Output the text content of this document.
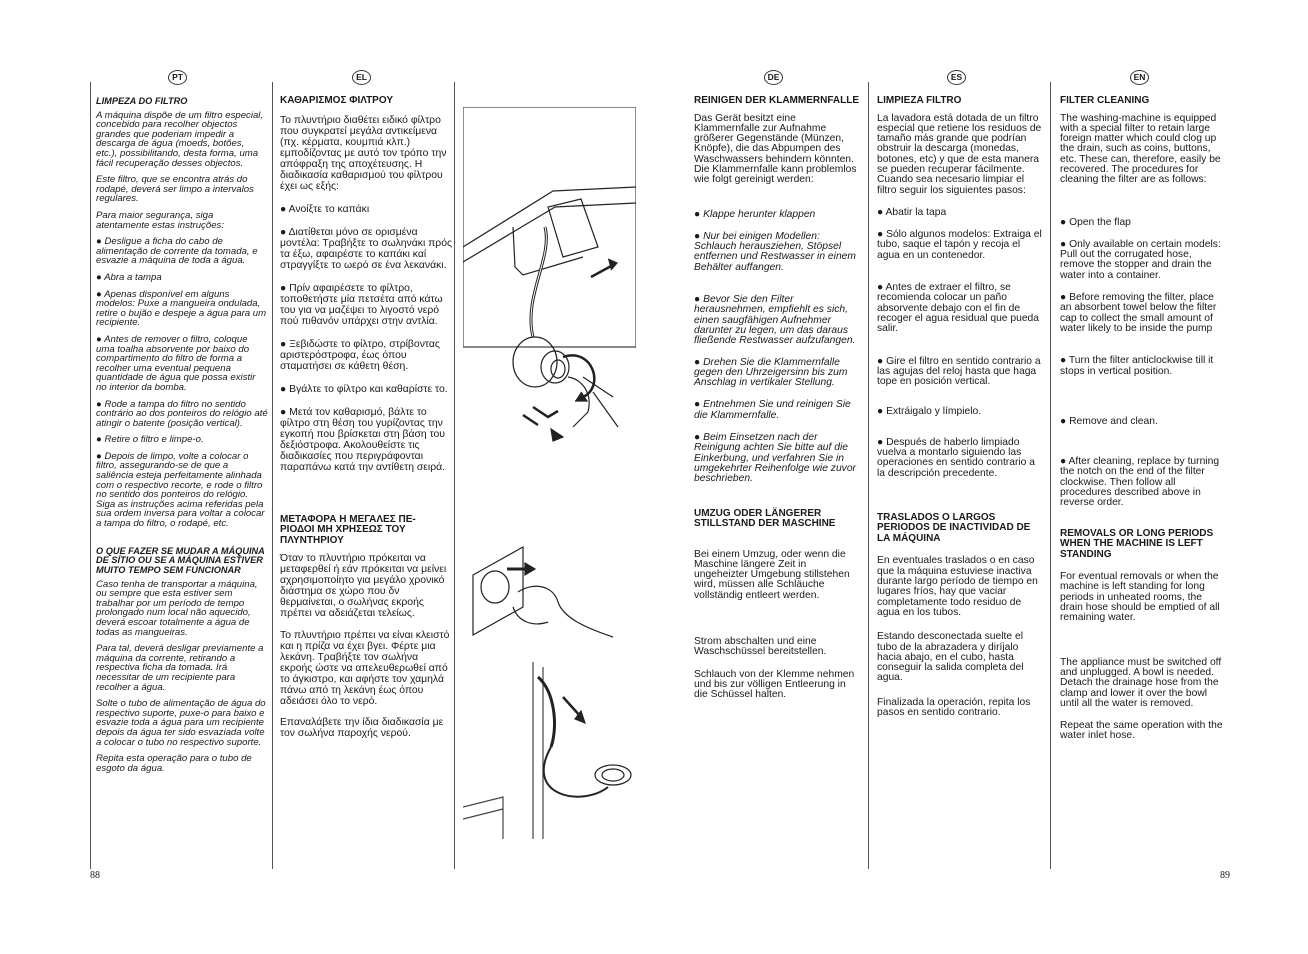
PT	EL	DE	ES	EN

LIMPEZA DO FILTRO

A máquina dispõe de um filtro especial, concebido para recolher objectos grandes que poderiam impedir a descarga de água (moeds, botões, etc.), possibilitando, desta forma, uma fácil recuperação desses objectos.

Este filtro, que se encontra atrás do rodapé, deverá ser limpo a intervalos regulares.

Para maior segurança, siga atentamente estas instruções:

● Desligue a ficha do cabo de alimentação de corrente da tomada, e esvazie a máquina de toda a água.

● Abra a tampa

● Apenas disponível em alguns modelos: Puxe a mangueira ondulada, retire o bujão e despeje a água para um recipiente.

● Antes de remover o filtro, coloque uma toalha absorvente por baixo do compartimento do filtro de forma a recolher uma eventual pequena quantidade de água que possa existir no interior da bomba.

● Rode a tampa do filtro no sentido contrário ao dos ponteiros do relógio até atingir o batente (posição vertical).

● Retire o filtro e limpe-o.

● Depois de limpo, volte a colocar o filtro, assegurando-se de que a saliência esteja perfeitamente alinhada com o respectivo recorte, e rode o filtro no sentido dos ponteiros do relógio. Siga as instruções acima referidas pela sua ordem inversa para voltar a colocar a tampa do filtro, o rodapé, etc.

O QUE FAZER SE MUDAR A MÁQUINA DE SÍTIO OU SE A MÁQUINA ESTIVER MUITO TEMPO SEM FUNCIONAR

Caso tenha de transportar a máquina, ou sempre que esta estiver sem trabalhar por um período de tempo prolongado num local não aquecido, deverá escoar totalmente a água de todas as mangueiras.

Para tal, deverá desligar previamente a máquina da corrente, retirando a respectiva ficha da tomada. Irá necessitar de um recipiente para recolher a água.

Solte o tubo de alimentação de água do respectivo suporte, puxe-o para baixo e esvazie toda a água para um recipiente depois da água ter sido esvaziada volte a colocar o tubo no respectivo suporte.

Repita esta operação para o tubo de esgoto da água.

ΚΑΘΑΡΙΣΜΟΣ ΦΙΛΤΡΟΥ

Το πλυντήριο διαθέτει ειδικό φίλτρο που συγκρατεί μεγάλα αντικείμενα (πχ. κέρματα, κουμπιά κλπ.) εμποδίζοντας με αυτό τον τρόπο την απόφραξη της αποχέτευσης. Η διαδικασία καθαρισμού του φίλτρου έχει ως εξής:

● Ανοίξτε το καπάκι

● Διατίθεται μόνο σε ορισμένα μοντέλα: Τραβήξτε το σωληνάκι πρός τα έξω, αφαιρέστε το καπάκι καί στραγγίξτε το ωερό σε ένα λεκανάκι.

● Πρίν αφαιρέσετε το φίλτρο, τοποθετήστε μία πετσέτα από κάτω του για να μαζέψει το λιγοστό νερό πού πιθανόν υπάρχει στην αντλία.

● Ξεβιδώστε το φίλτρο, στρίβοντας αριστερόστροφα, έως όπου σταματήσει σε κάθετη θέση.

● Βγάλτε το φίλτρο και καθαρίστε το.

● Μετά τον καθαρισμό, βάλτε το φίλτρο στη θέση του γυρίζοντας την εγκοπή που βρίσκεται στη βάση του δεξιόστροφα. Ακολουθείστε τις διαδικασίες που περιγράφονται παραπάνω κατά την αντίθετη σειρά.

ΜΕΤΑΦΟΡΑ Η ΜΕΓΑΛΕΣ ΠΕ- ΡΙΟΔΟΙ ΜΗ ΧΡΗΣΕΩΣ ΤΟΥ ΠΛΥΝΤΗΡΙΟΥ

Όταν το πλυντήριο πρόκειται να μεταφερθεί ή εάν πρόκειται να μείνει αχρησιμοποίητο για μεγάλο χρονικό διάστημα σε χώρο που δν θερμαίνεται, ο σωλήνας εκροής πρέπει να αδειάζεται τελείως.

Το πλυντήριο πρέπει να είναι κλειστό και η πρίζα να έχει βγει. Φέρτε μια λεκάνη. Τραβήξτε τον σωλήνα εκροής ώστε να απελευθερωθεί από το άγκιστρο, και αφήστε τον χαμηλά πάνω από τη λεκάνη έως όπου αδειάσει όλο το νερό.

Επαναλάβετε την ίδια διαδικασία με τον σωλήνα παροχής νερού.

REINIGEN DER KLAMMERNFALLE

Das Gerät besitzt eine Klammernfalle zur Aufnahme größerer Gegenstände (Münzen, Knöpfe), die das Abpumpen des Waschwassers behindern könnten. Die Klammernfalle kann problemlos wie folgt gereinigt werden:

● Klappe herunter klappen

● Nur bei einigen Modellen: Schlauch herausziehen, Stöpsel entfernen und Restwasser in einem Behälter auffangen.

● Bevor Sie den Filter herausnehmen, empfiehlt es sich, einen saugfähigen Aufnehmer darunter zu legen, um das daraus fließende Restwasser aufzufangen.

● Drehen Sie die Klammernfalle gegen den Uhrzeigersinn bis zum Anschlag in vertikaler Stellung.

● Entnehmen Sie und reinigen Sie die Klammernfalle.

● Beim Einsetzen nach der Reinigung achten Sie bitte auf die Einkerbung, und verfahren Sie in umgekehrter Reihenfolge wie zuvor beschrieben.

UMZUG ODER LÄNGERER STILLSTAND DER MASCHINE

Bei einem Umzug, oder wenn die Maschine längere Zeit in ungeheizter Umgebung stillstehen wird, müssen alle Schläuche vollständig entleert werden.

Strom abschalten und eine Waschschüssel bereitstellen.

Schlauch von der Klemme nehmen und bis zur völligen Entleerung in die Schüssel halten.

LIMPIEZA FILTRO

La lavadora está dotada de un filtro especial que retiene los residuos de tamaño más grande que podrían obstruir la descarga (monedas, botones, etc) y que de esta manera se pueden recuperar fácilmente. Cuando sea necesario limpiar el filtro seguir los siguientes pasos:

● Abatir la tapa

● Sólo algunos modelos: Extraiga el tubo, saque el tapón y recoja el agua en un contenedor.

● Antes de extraer el filtro, se recomienda colocar un paño absorvente debajo con el fin de recoger el agua residual que pueda salir.

● Gire el filtro en sentido contrario a las agujas del reloj hasta que haga tope en posición vertical.

● Extráigalo y límpielo.

● Después de haberlo limpiado vuelva a montarlo siguiendo las operaciones en sentido contrario a la descripción precedente.

TRASLADOS O LARGOS PERIODOS DE INACTIVIDAD DE LA MÁQUINA

En eventuales traslados o en caso que la máquina estuviese inactiva durante largo período de tiempo en lugares fríos, hay que vaciar completamente todo residuo de agua en los tubos.

Estando desconectada suelte el tubo de la abrazadera y diríjalo hacia abajo, en el cubo, hasta conseguir la salida completa del agua.

Finalizada la operación, repita los pasos en sentido contrario.

FILTER CLEANING

The washing-machine is equipped with a special filter to retain large foreign matter which could clog up the drain, such as coins, buttons, etc. These can, therefore, easily be recovered. The procedures for cleaning the filter are as follows:

● Open the flap

● Only available on certain models: Pull out the corrugated hose, remove the stopper and drain the water into a container.

● Before removing the filter, place an absorbent towel below the filter cap to collect the small amount of water likely to be inside the pump

● Turn the filter anticlockwise till it stops in vertical position.

● Remove and clean.

● After cleaning, replace by turning the notch on the end of the filter clockwise. Then follow all procedures described above in reverse order.

REMOVALS OR LONG PERIODS WHEN THE MACHINE IS LEFT STANDING

For eventual removals or when the machine is left standing for long periods in unheated rooms, the drain hose should be emptied of all remaining water.

The appliance must be switched off and unplugged. A bowl is needed. Detach the drainage hose from the clamp and lower it over the bowl until all the water is removed.

Repeat the same operation with the water inlet hose.

88	89
